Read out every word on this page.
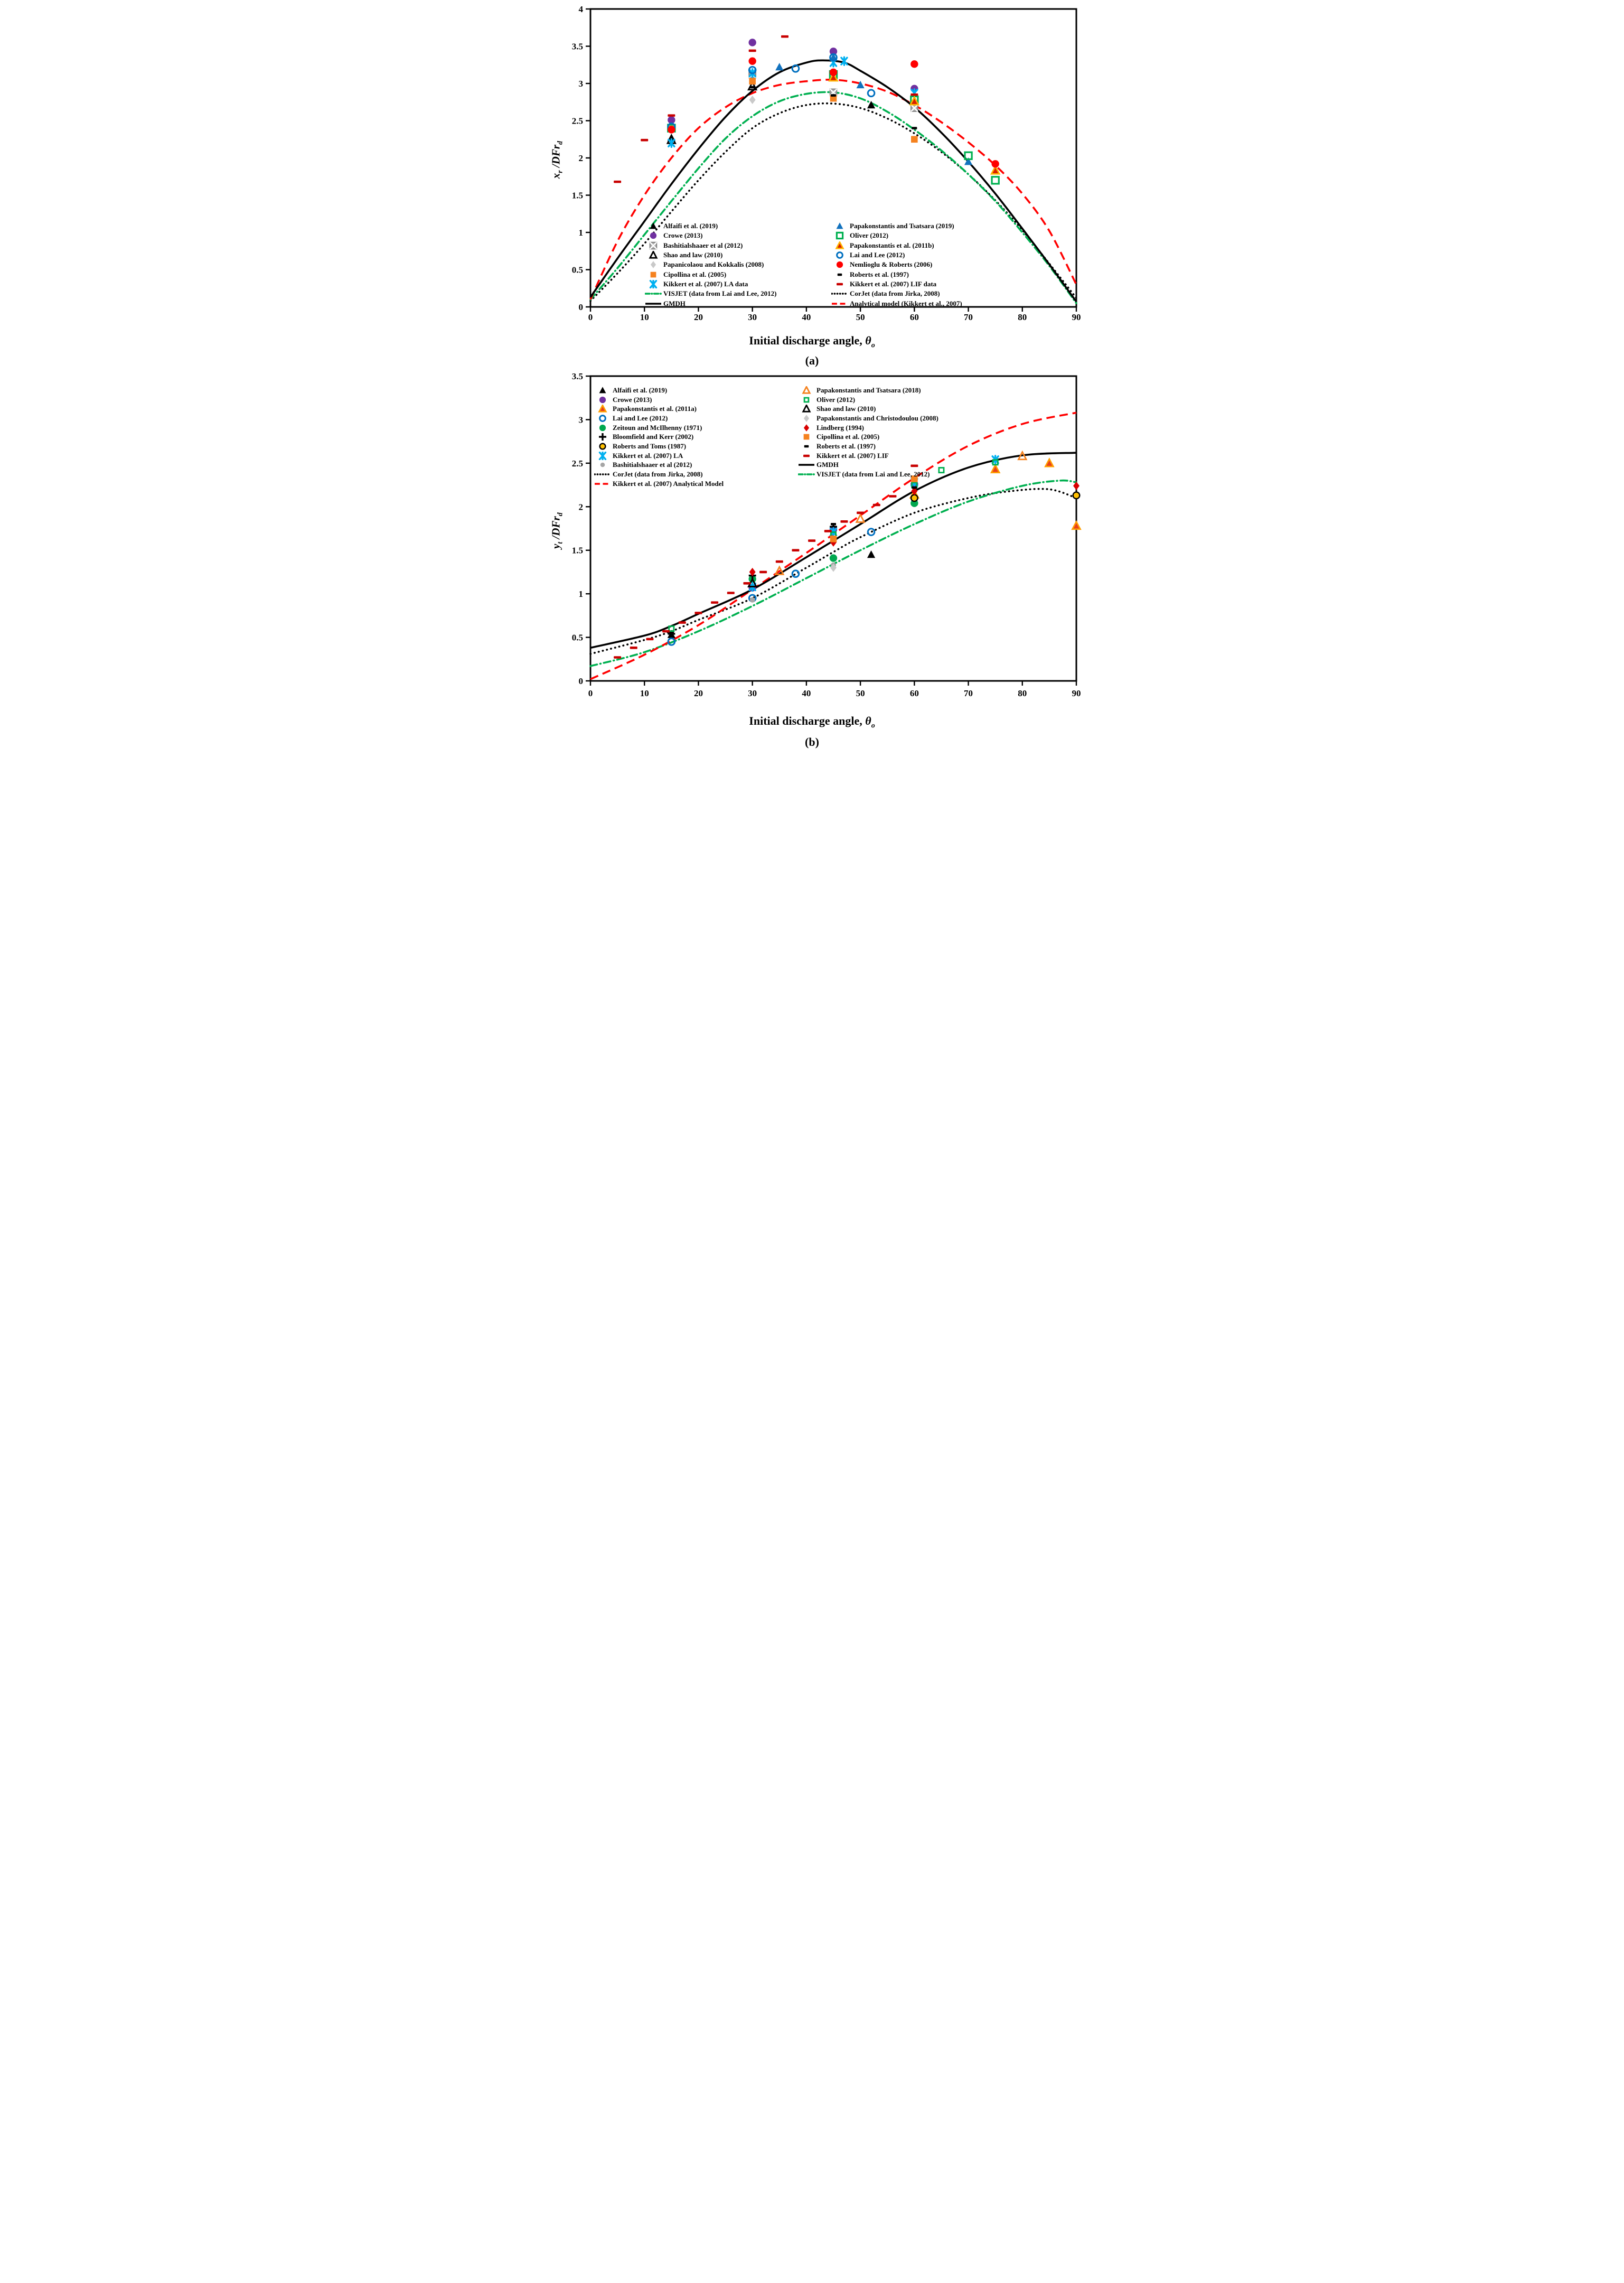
0	10	20	30	40	50	60	70	80	90
0
0.5
1
1.5
2
2.5
3
3.5
4
$x_r$ /DFr$_d$
Initial discharge angle, $\theta_o$
(a)
Alfaifi et al. (2019)
Crowe (2013)
Bashitialshaaer et al (2012)
Shao and law (2010)
Papanicolaou and Kokkalis (2008)
Cipollina et al. (2005)
Kikkert et al. (2007) LA data
VISJET (data from Lai and Lee, 2012)
GMDH
Papakonstantis and Tsatsara (2019)
Oliver (2012)
Papakonstantis et al. (2011b)
Lai and Lee (2012)
Nemlioglu & Roberts (2006)
Roberts et al. (1997)
Kikkert et al. (2007) LIF data
CorJet (data from Jirka, 2008)
Analytical model (Kikkert et al., 2007)
0	10	20	30	40	50	60	70	80	90
0
0.5
1
1.5
2
2.5
3
3.5
$y_t$ /DFr$_d$
Initial discharge angle, $\theta_o$
(b)
Alfaifi et al. (2019)
Crowe (2013)
Papakonstantis et al. (2011a)
Lai and Lee (2012)
Zeitoun and McIlhenny (1971)
Bloomfield and Kerr (2002)
Roberts and Toms (1987)
Kikkert et al. (2007) LA
Bashitialshaaer et al (2012)
CorJet (data from Jirka, 2008)
Kikkert et al. (2007) Analytical Model
Papakonstantis and Tsatsara (2018)
Oliver (2012)
Shao and law (2010)
Papakonstantis and Christodoulou (2008)
Lindberg (1994)
Cipollina et al. (2005)
Roberts et al. (1997)
Kikkert et al. (2007) LIF
GMDH
VISJET (data from Lai and Lee, 2012)
